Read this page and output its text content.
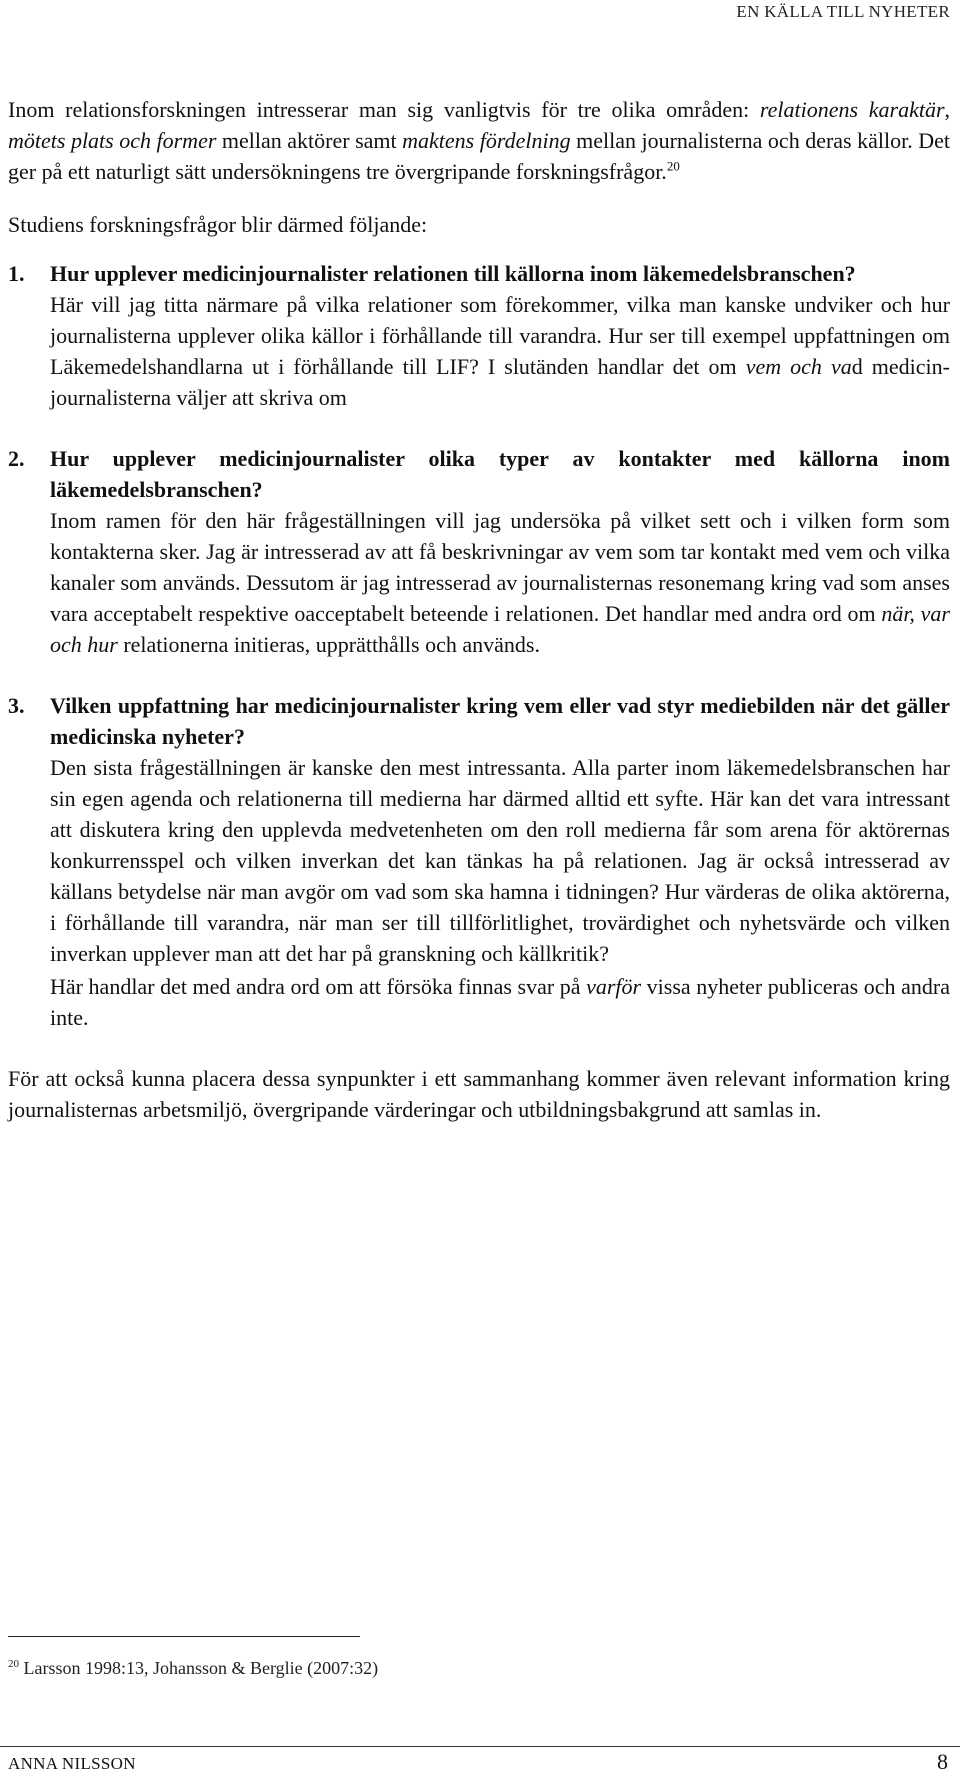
EN KÄLLA TILL NYHETER

Inom relationsforskningen intresserar man sig vanligtvis för tre olika områden: relationens karaktär, mötets plats och former mellan aktörer samt maktens fördelning mellan journalisterna och deras källor. Det ger på ett naturligt sätt undersökningens tre övergripande forskningsfrågor.$^{20}$

Studiens forskningsfrågor blir därmed följande:

1.	Hur upplever medicinjournalister relationen till källorna inom läkemedelsbranschen?

Här vill jag titta närmare på vilka relationer som förekommer, vilka man kanske undviker och hur journalisterna upplever olika källor i förhållande till varandra. Hur ser till exempel uppfattningen om Läkemedelshandlarna ut i förhållande till LIF? I slutänden handlar det om vem och vad medicin-journalisterna väljer att skriva om

2.	Hur upplever medicinjournalister olika typer av kontakter med källorna inom läkemedelsbranschen?

Inom ramen för den här frågeställningen vill jag undersöka på vilket sett och i vilken form som kontakterna sker. Jag är intresserad av att få beskrivningar av vem som tar kontakt med vem och vilka kanaler som används. Dessutom är jag intresserad av journalisternas resonemang kring vad som anses vara acceptabelt respektive oacceptabelt beteende i relationen. Det handlar med andra ord om när, var och hur relationerna initieras, upprätthålls och används.

3.	Vilken uppfattning har medicinjournalister kring vem eller vad styr mediebilden när det gäller medicinska nyheter?

Den sista frågeställningen är kanske den mest intressanta. Alla parter inom läkemedelsbranschen har sin egen agenda och relationerna till medierna har därmed alltid ett syfte. Här kan det vara intressant att diskutera kring den upplevda medvetenheten om den roll medierna får som arena för aktörernas konkurrensspel och vilken inverkan det kan tänkas ha på relationen. Jag är också intresserad av källans betydelse när man avgör om vad som ska hamna i tidningen? Hur värderas de olika aktörerna, i förhållande till varandra, när man ser till tillförlitlighet, trovärdighet och nyhetsvärde och vilken inverkan upplever man att det har på granskning och källkritik?

Här handlar det med andra ord om att försöka finnas svar på varför vissa nyheter publiceras och andra inte.

För att också kunna placera dessa synpunkter i ett sammanhang kommer även relevant information kring journalisternas arbetsmiljö, övergripande värderingar och utbildningsbakgrund att samlas in.

$^{20}$ Larsson 1998:13, Johansson & Berglie (2007:32)
ANNA NILSSON	8
